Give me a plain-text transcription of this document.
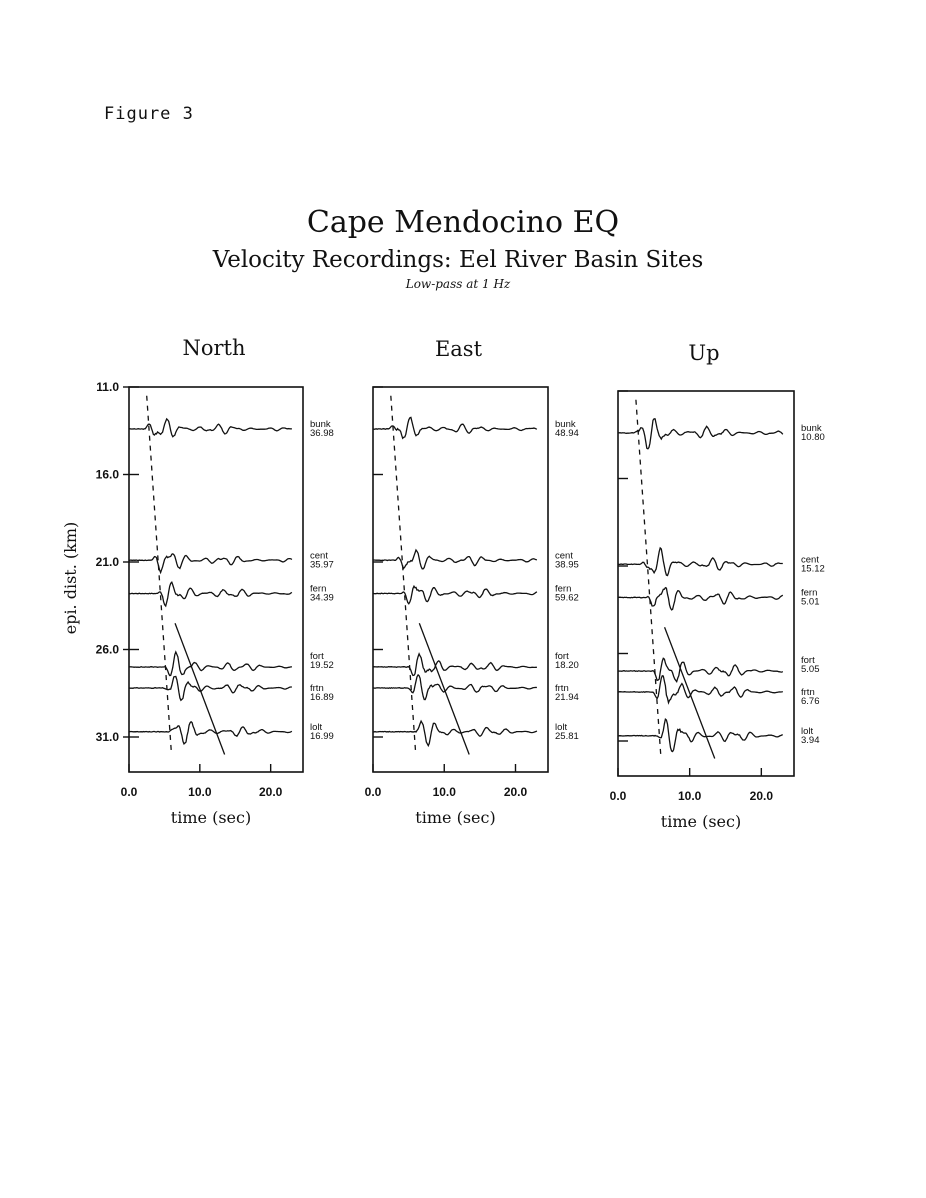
Figure 3
Cape Mendocino EQ
Velocity Recordings: Eel River Basin Sites
Low-pass at 1 Hz
North
11.0
16.0
21.0
26.0
31.0
0.0	10.0	20.0
time (sec)
bunk
36.98
cent
35.97
fern
34.39
fort
19.52
frtn
16.89
lolt
16.99
East
0.0	10.0	20.0
time (sec)
bunk
48.94
cent
38.95
fern
59.62
fort
18.20
frtn
21.94
lolt
25.81
Up
0.0	10.0	20.0
time (sec)
bunk
10.80
cent
15.12
fern
5.01
fort
5.05
frtn
6.76
lolt
3.94
epi. dist. (km)
